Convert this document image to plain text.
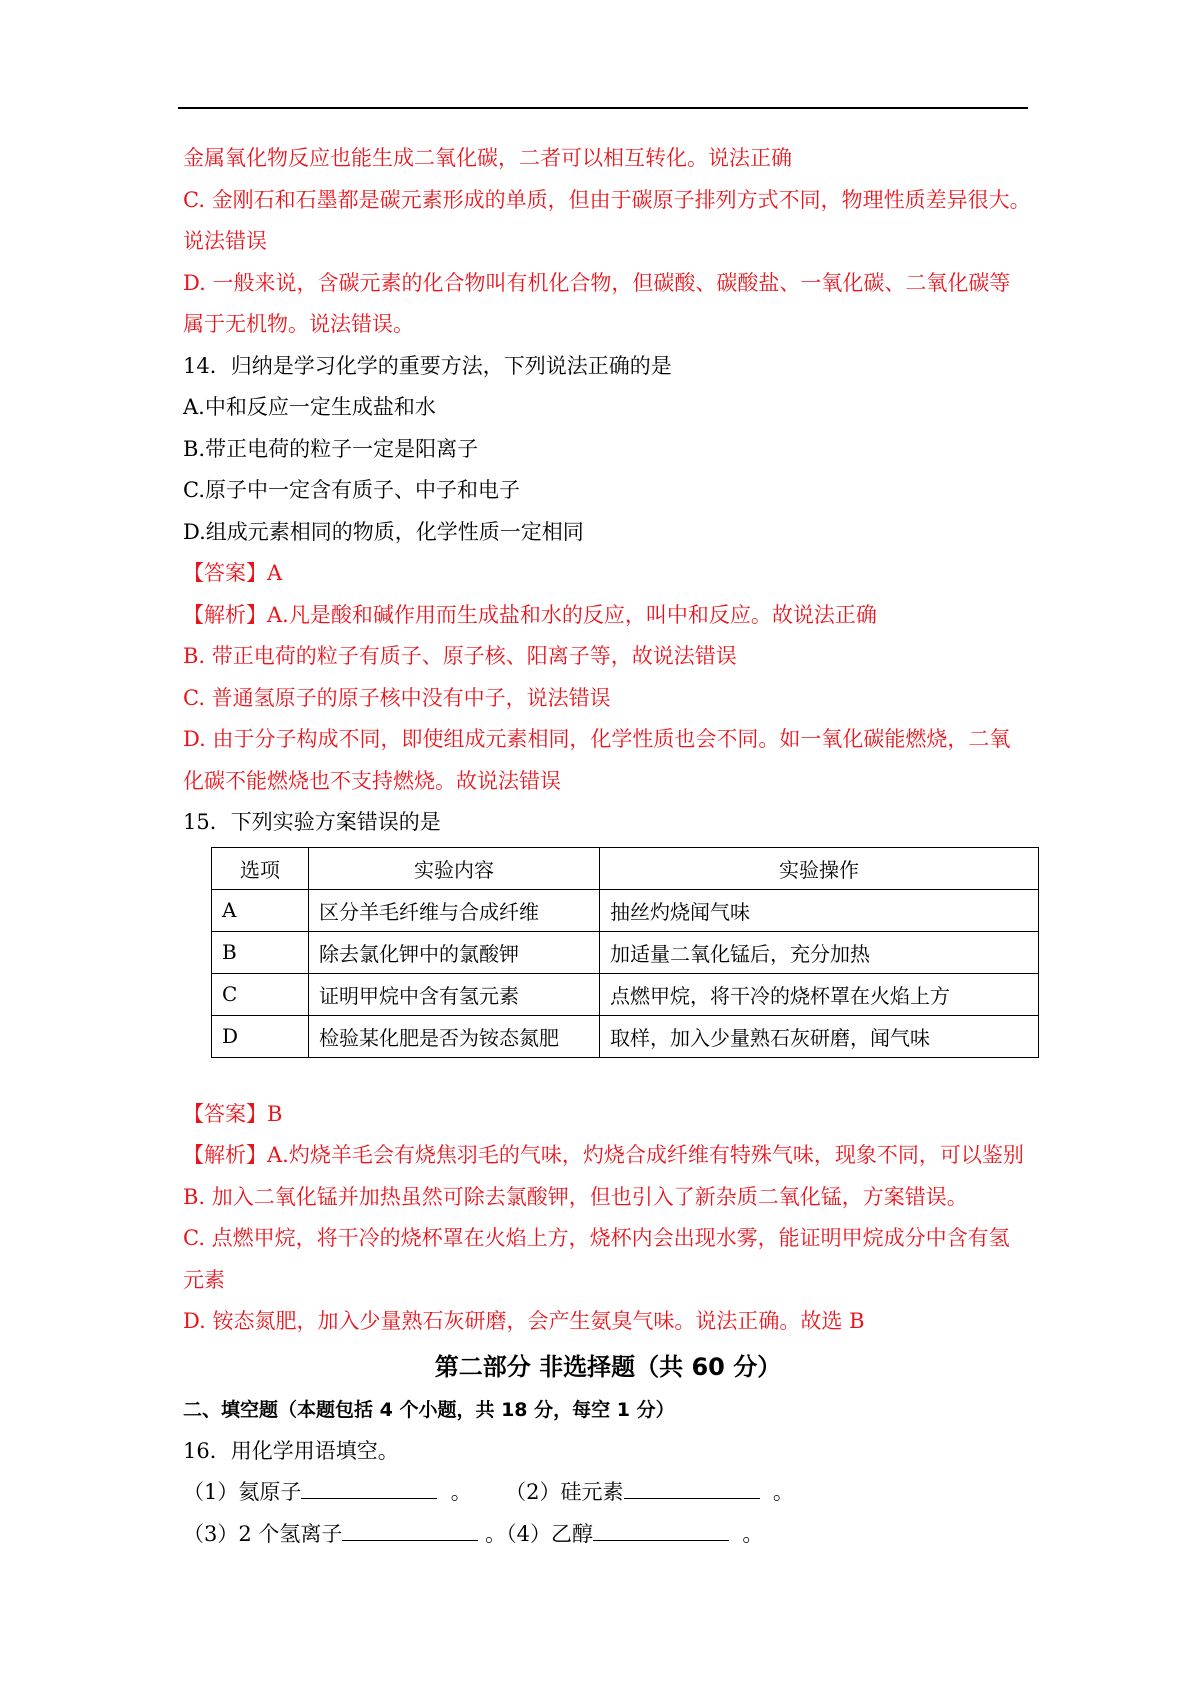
金属氧化物反应也能生成二氧化碳，二者可以相互转化。说法正确
C. 金刚石和石墨都是碳元素形成的单质，但由于碳原子排列方式不同，物理性质差异很大。
说法错误
D. 一般来说，含碳元素的化合物叫有机化合物，但碳酸、碳酸盐、一氧化碳、二氧化碳等
属于无机物。说法错误。
14．归纳是学习化学的重要方法，下列说法正确的是
A.中和反应一定生成盐和水
B.带正电荷的粒子一定是阳离子
C.原子中一定含有质子、中子和电子
D.组成元素相同的物质，化学性质一定相同
【答案】A
【解析】A.凡是酸和碱作用而生成盐和水的反应，叫中和反应。故说法正确
B. 带正电荷的粒子有质子、原子核、阳离子等，故说法错误
C. 普通氢原子的原子核中没有中子，说法错误
D. 由于分子构成不同，即使组成元素相同，化学性质也会不同。如一氧化碳能燃烧，二氧
化碳不能燃烧也不支持燃烧。故说法错误
15．下列实验方案错误的是
选项	实验内容	实验操作
A	区分羊毛纤维与合成纤维	抽丝灼烧闻气味
B	除去氯化钾中的氯酸钾	加适量二氧化锰后，充分加热
C	证明甲烷中含有氢元素	点燃甲烷，将干冷的烧杯罩在火焰上方
D	检验某化肥是否为铵态氮肥	取样，加入少量熟石灰研磨，闻气味
【答案】B
【解析】A.灼烧羊毛会有烧焦羽毛的气味，灼烧合成纤维有特殊气味，现象不同，可以鉴别
B. 加入二氧化锰并加热虽然可除去氯酸钾，但也引入了新杂质二氧化锰，方案错误。
C. 点燃甲烷，将干冷的烧杯罩在火焰上方，烧杯内会出现水雾，能证明甲烷成分中含有氢
元素
D. 铵态氮肥，加入少量熟石灰研磨，会产生氨臭气味。说法正确。故选 B
第二部分 非选择题（共 60 分）
二、填空题（本题包括 4 个小题，共 18 分，每空 1 分）
16．用化学用语填空。
（1）氦原子	。 （2）硅元素	。
（3）2 个氢离子	。（4）乙醇	。
